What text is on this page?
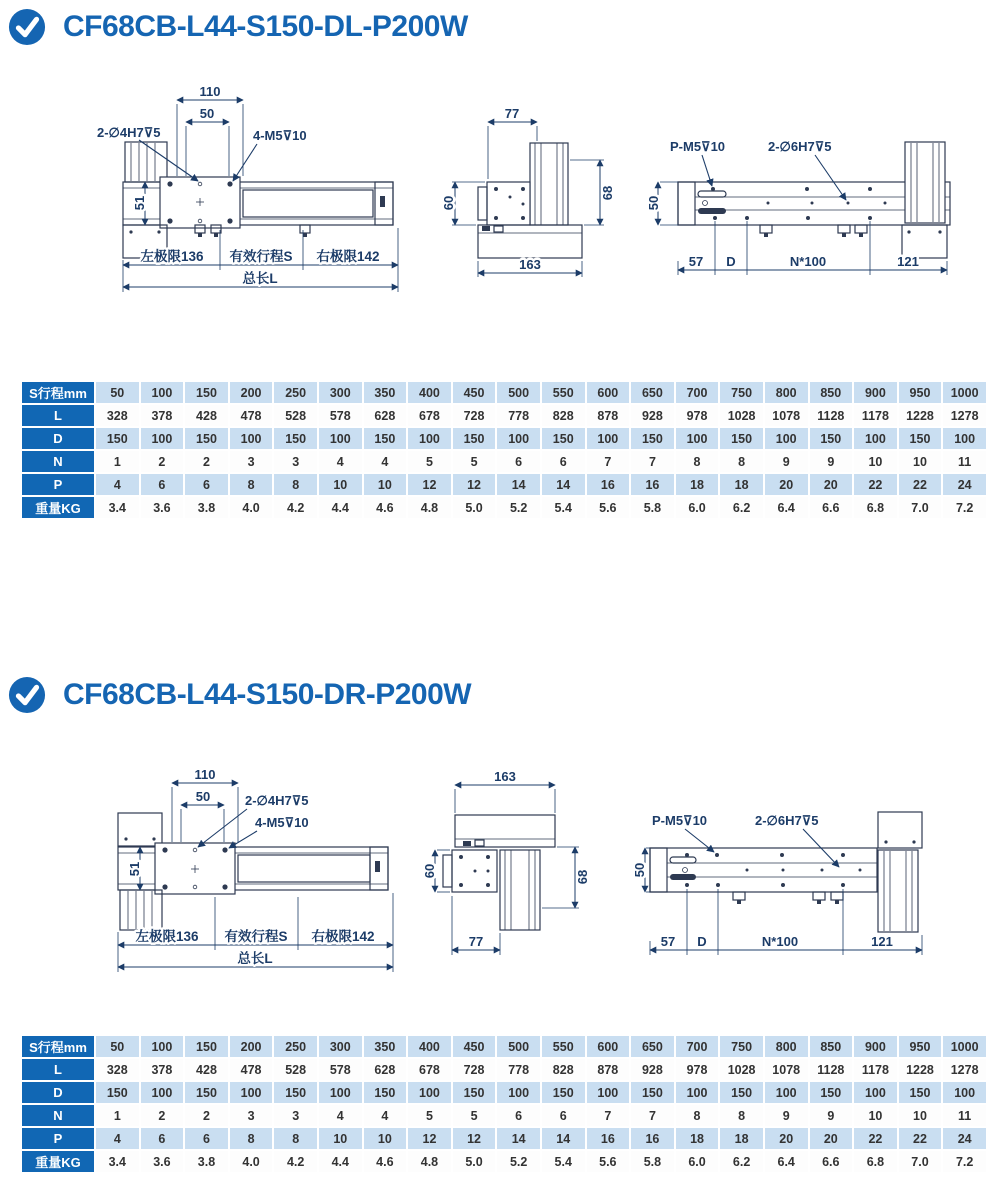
CF68CB-L44-S150-DL-P200W
110
50
2-∅4H7⊽5	4-M5⊽10
51
左极限136 有效行程S 右极限142
总长L
77
60
68
163
P-M5⊽10	2-∅6H7⊽5
50
57 D	N*100	121
S行程mm	50	100	150	200	250	300	350	400	450	500	550	600	650	700	750	800	850	900	950	1000
L	328	378	428	478	528	578	628	678	728	778	828	878	928	978	1028	1078	1128	1178	1228	1278
D	150	100	150	100	150	100	150	100	150	100	150	100	150	100	150	100	150	100	150	100
N	1	2	2	3	3	4	4	5	5	6	6	7	7	8	8	9	9	10	10	11
P	4	6	6	8	8	10	10	12	12	14	14	16	16	18	18	20	20	22	22	24
重量KG	3.4	3.6	3.8	4.0	4.2	4.4	4.6	4.8	5.0	5.2	5.4	5.6	5.8	6.0	6.2	6.4	6.6	6.8	7.0	7.2
CF68CB-L44-S150-DR-P200W
110
50	2-∅4H7⊽5
4-M5⊽10
51
左极限136 有效行程S 右极限142
总长L
163
60	68
77
P-M5⊽10	2-∅6H7⊽5
50
57 D	N*100	121
S行程mm	50	100	150	200	250	300	350	400	450	500	550	600	650	700	750	800	850	900	950	1000
L	328	378	428	478	528	578	628	678	728	778	828	878	928	978	1028	1078	1128	1178	1228	1278
D	150	100	150	100	150	100	150	100	150	100	150	100	150	100	150	100	150	100	150	100
N	1	2	2	3	3	4	4	5	5	6	6	7	7	8	8	9	9	10	10	11
P	4	6	6	8	8	10	10	12	12	14	14	16	16	18	18	20	20	22	22	24
重量KG	3.4	3.6	3.8	4.0	4.2	4.4	4.6	4.8	5.0	5.2	5.4	5.6	5.8	6.0	6.2	6.4	6.6	6.8	7.0	7.2
